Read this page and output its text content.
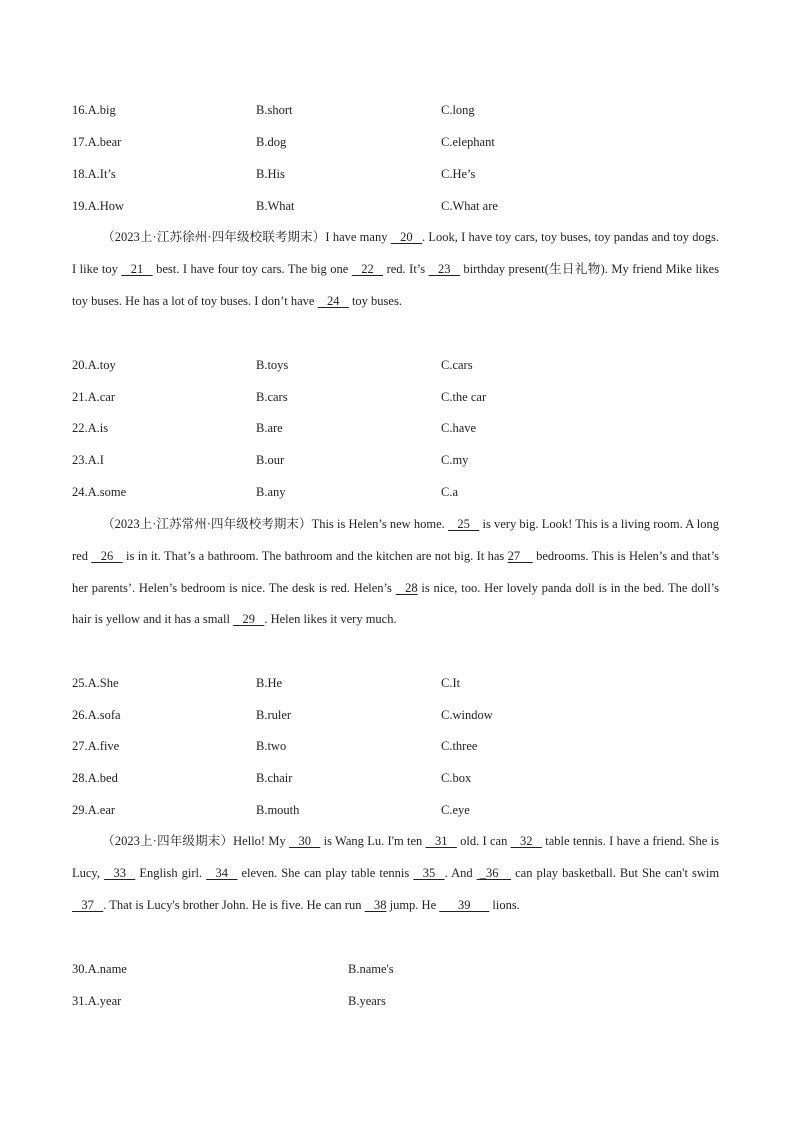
16.A.big	B.short	C.long
17.A.bear	B.dog	C.elephant
18.A.It’s	B.His	C.He’s
19.A.How	B.What	C.What are

（2023上·江苏徐州·四年级校联考期末）I have many    20   . Look, I have toy cars, toy buses, toy pandas and toy dogs. I like toy    21    best. I have four toy cars. The big one    22    red. It’s    23    birthday present(生日礼物). My friend Mike likes toy buses. He has a lot of toy buses. I don’t have    24    toy buses.

20.A.toy	B.toys	C.cars
21.A.car	B.cars	C.the car
22.A.is	B.are	C.have
23.A.I	B.our	C.my
24.A.some	B.any	C.a

（2023上·江苏常州·四年级校考期末）This is Helen’s new home.    25    is very big. Look! This is a living room. A long red    26    is in it. That’s a bathroom. The bathroom and the kitchen are not big. It has 27     bedrooms. This is Helen’s and that’s her parents’. Helen’s bedroom is nice. The desk is red. Helen’s    28 is nice, too. Her lovely panda doll is in the bed. The doll’s hair is yellow and it has a small    29   . Helen likes it very much.

25.A.She	B.He	C.It
26.A.sofa	B.ruler	C.window
27.A.five	B.two	C.three
28.A.bed	B.chair	C.box
29.A.ear	B.mouth	C.eye

（2023上·四年级期末）Hello! My    30    is Wang Lu. I'm ten    31    old. I can    32    table tennis. I have a friend. She is Lucy,    33    English girl.    34    eleven. She can play table tennis    35   . And  _36     can play basketball. But She can't swim    37   . That is Lucy's brother John. He is five. He can run    38 jump. He       39       lions.

30.A.name	B.name's
31.A.year	B.years
